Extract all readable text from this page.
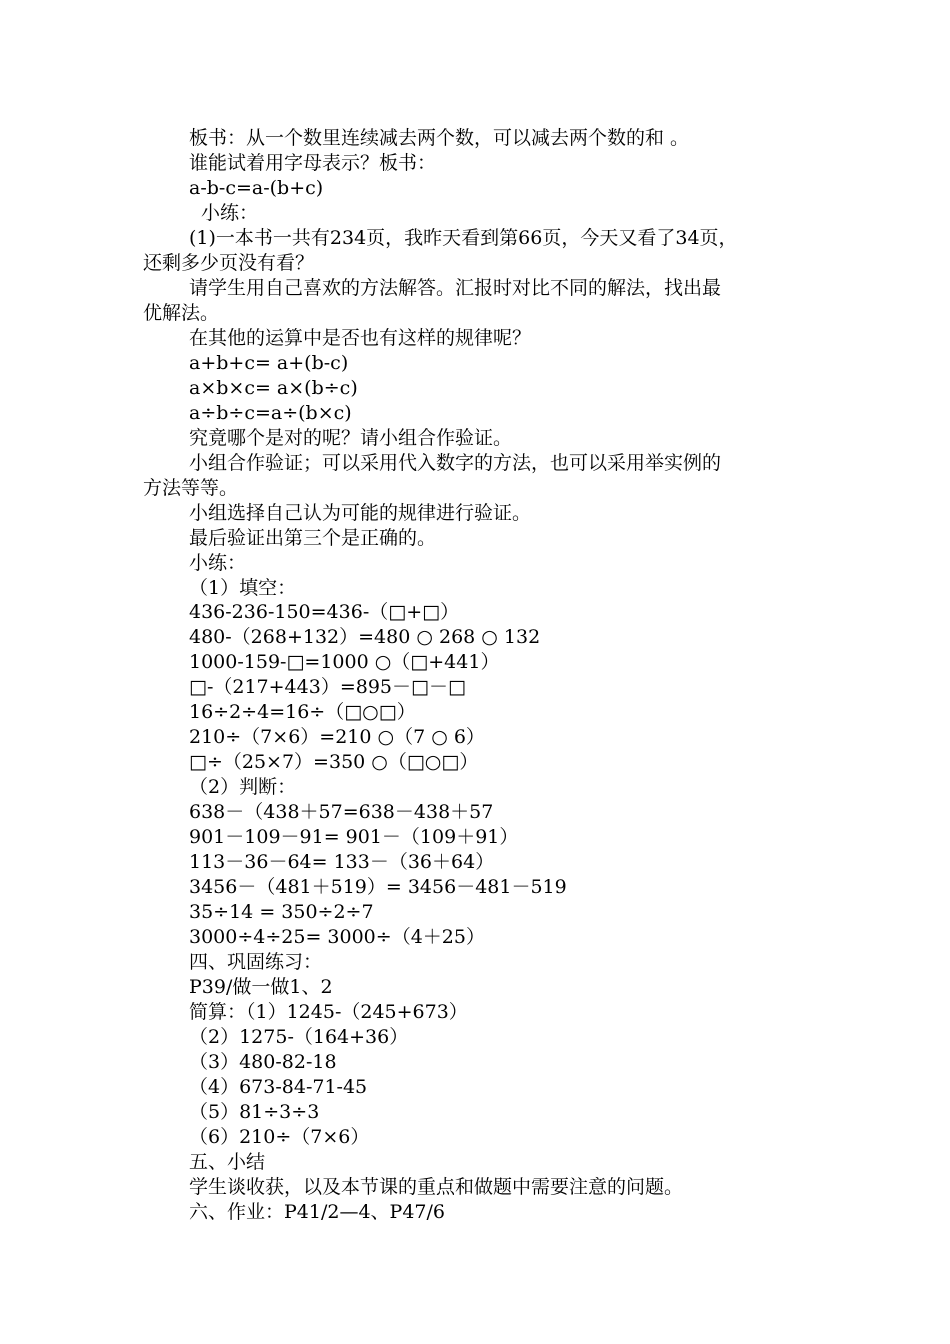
板书：从一个数里连续减去两个数，可以减去两个数的和 。
谁能试着用字母表示？板书：
a-b-c=a-(b+c)
小练：
(1)一本书一共有234页，我昨天看到第66页，今天又看了34页，
还剩多少页没有看？
请学生用自己喜欢的方法解答。汇报时对比不同的解法，找出最
优解法。
在其他的运算中是否也有这样的规律呢？
a+b+c= a+(b-c)
a×b×c= a×(b÷c)
a÷b÷c=a÷(b×c)
究竟哪个是对的呢？请小组合作验证。
小组合作验证；可以采用代入数字的方法，也可以采用举实例的
方法等等。
小组选择自己认为可能的规律进行验证。
最后验证出第三个是正确的。
小练：
（1）填空：
436-236-150=436-（□+□）
480-（268+132）=480 ○ 268 ○ 132
1000-159-□=1000 ○（□+441）
□-（217+443）=895－□－□
16÷2÷4=16÷（□○□）
210÷（7×6）=210 ○（7 ○ 6）
□÷（25×7）=350 ○（□○□）
（2）判断：
638－（438＋57=638－438＋57
901－109－91= 901－（109＋91）
113－36－64= 133－（36＋64）
3456－（481＋519）= 3456－481－519
35÷14 = 350÷2÷7
3000÷4÷25= 3000÷（4＋25）
四、巩固练习：
P39/做一做1、2
简算：（1）1245-（245+673）
（2）1275-（164+36）
（3）480-82-18
（4）673-84-71-45
（5）81÷3÷3
（6）210÷（7×6）
五、小结
学生谈收获，以及本节课的重点和做题中需要注意的问题。
六、作业：P41/2—4、P47/6
